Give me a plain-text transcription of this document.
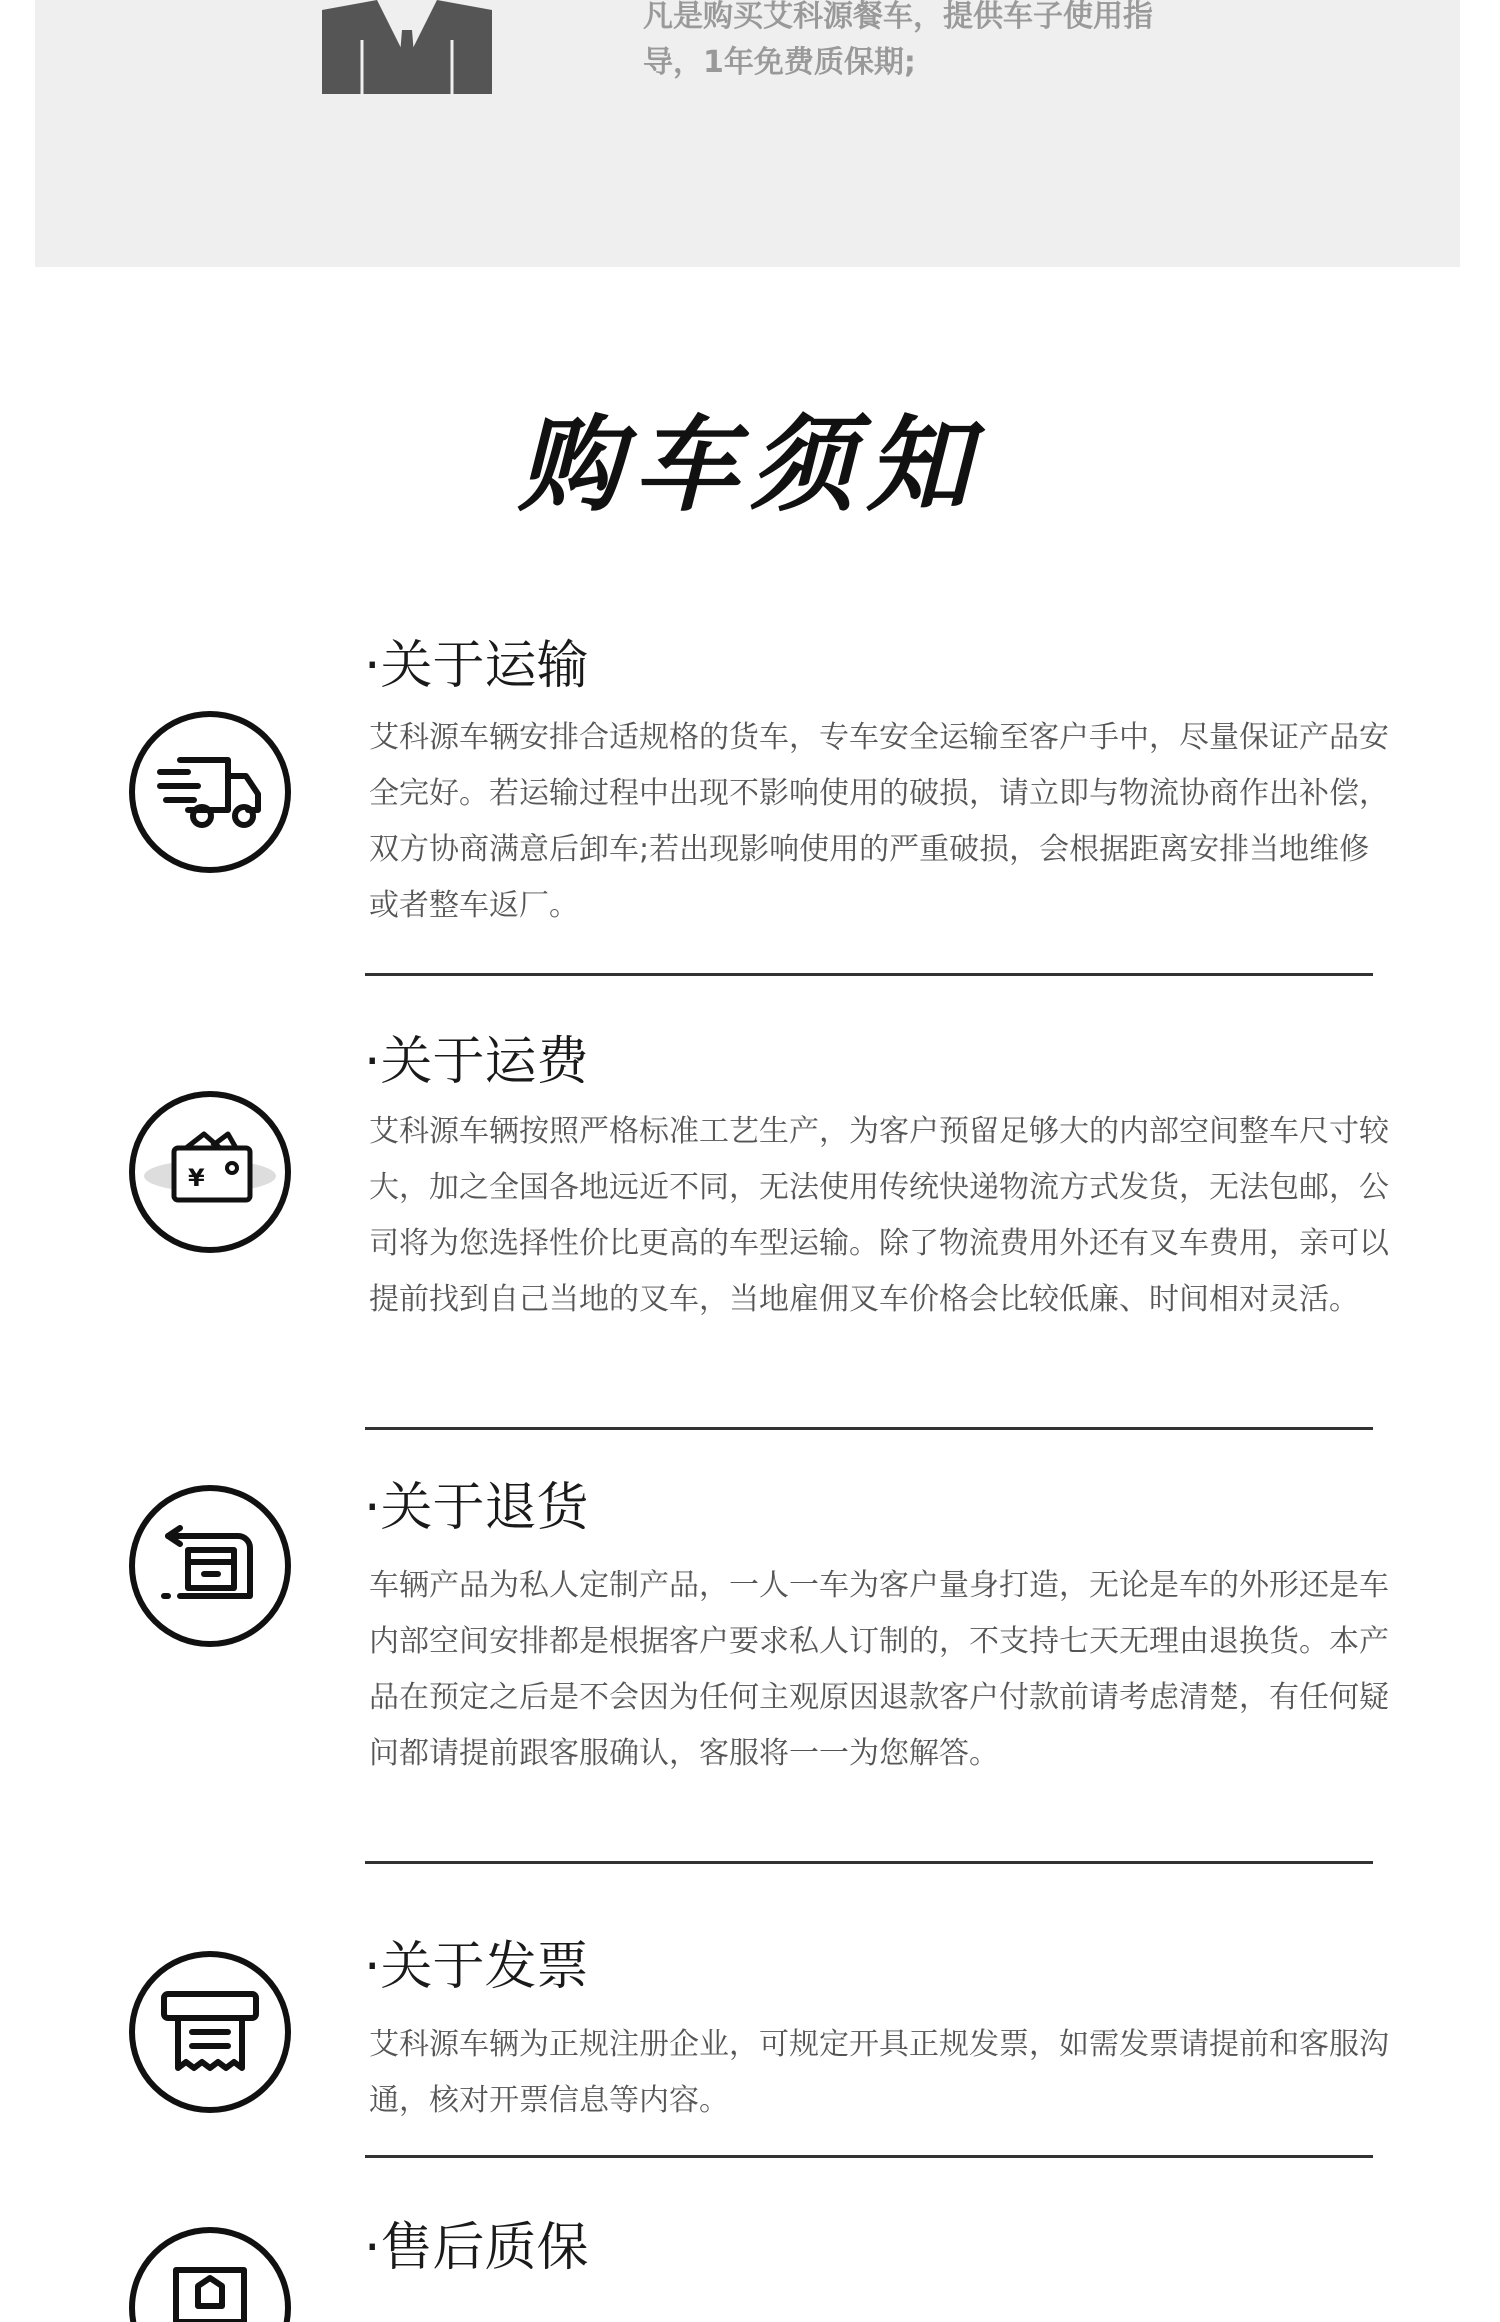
凡是购买艾科源餐车，提供车子使用指导，1年免费质保期;
购车须知
·关于运输
艾科源车辆安排合适规格的货车，专车安全运输至客户手中，尽量保证产品安全完好。若运输过程中出现不影响使用的破损，请立即与物流协商作出补偿，双方协商满意后卸车;若出现影响使用的严重破损，会根据距离安排当地维修或者整车返厂。
¥
·关于运费
艾科源车辆按照严格标准工艺生产，为客户预留足够大的内部空间整车尺寸较大，加之全国各地远近不同，无法使用传统快递物流方式发货，无法包邮，公司将为您选择性价比更高的车型运输。除了物流费用外还有叉车费用，亲可以提前找到自己当地的叉车，当地雇佣叉车价格会比较低廉、时间相对灵活。
·关于退货
车辆产品为私人定制产品，一人一车为客户量身打造，无论是车的外形还是车内部空间安排都是根据客户要求私人订制的，不支持七天无理由退换货。本产品在预定之后是不会因为任何主观原因退款客户付款前请考虑清楚，有任何疑问都请提前跟客服确认，客服将一一为您解答。
·关于发票
艾科源车辆为正规注册企业，可规定开具正规发票，如需发票请提前和客服沟通，核对开票信息等内容。
·售后质保
